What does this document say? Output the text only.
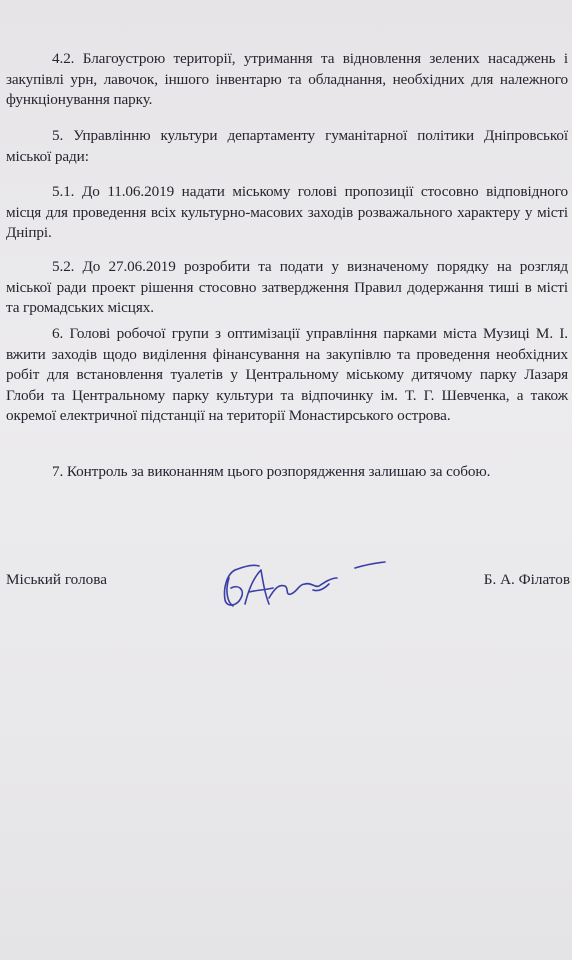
4.2. Благоустрою території, утримання та відновлення зелених насаджень і закупівлі урн, лавочок, іншого інвентарю та обладнання, необхідних для належного функціонування парку.

5. Управлінню культури департаменту гуманітарної політики Дніпровської міської ради:

5.1. До 11.06.2019 надати міському голові пропозиції стосовно відповідного місця для проведення всіх культурно-масових заходів розважального характеру у місті Дніпрі.

5.2. До 27.06.2019 розробити та подати у визначеному порядку на розгляд міської ради проект рішення стосовно затвердження Правил додержання тиші в місті та громадських місцях.

6. Голові робочої групи з оптимізації управління парками міста Музиці М. І. вжити заходів щодо виділення фінансування на закупівлю та проведення необхідних робіт для встановлення туалетів у Центральному міському дитячому парку Лазаря Глоби та Центральному парку культури та відпочинку ім. Т. Г. Шевченка, а також окремої електричної підстанції на території Монастирського острова.

7. Контроль за виконанням цього розпорядження залишаю за собою.

Міський голова	Б. А. Філатов
